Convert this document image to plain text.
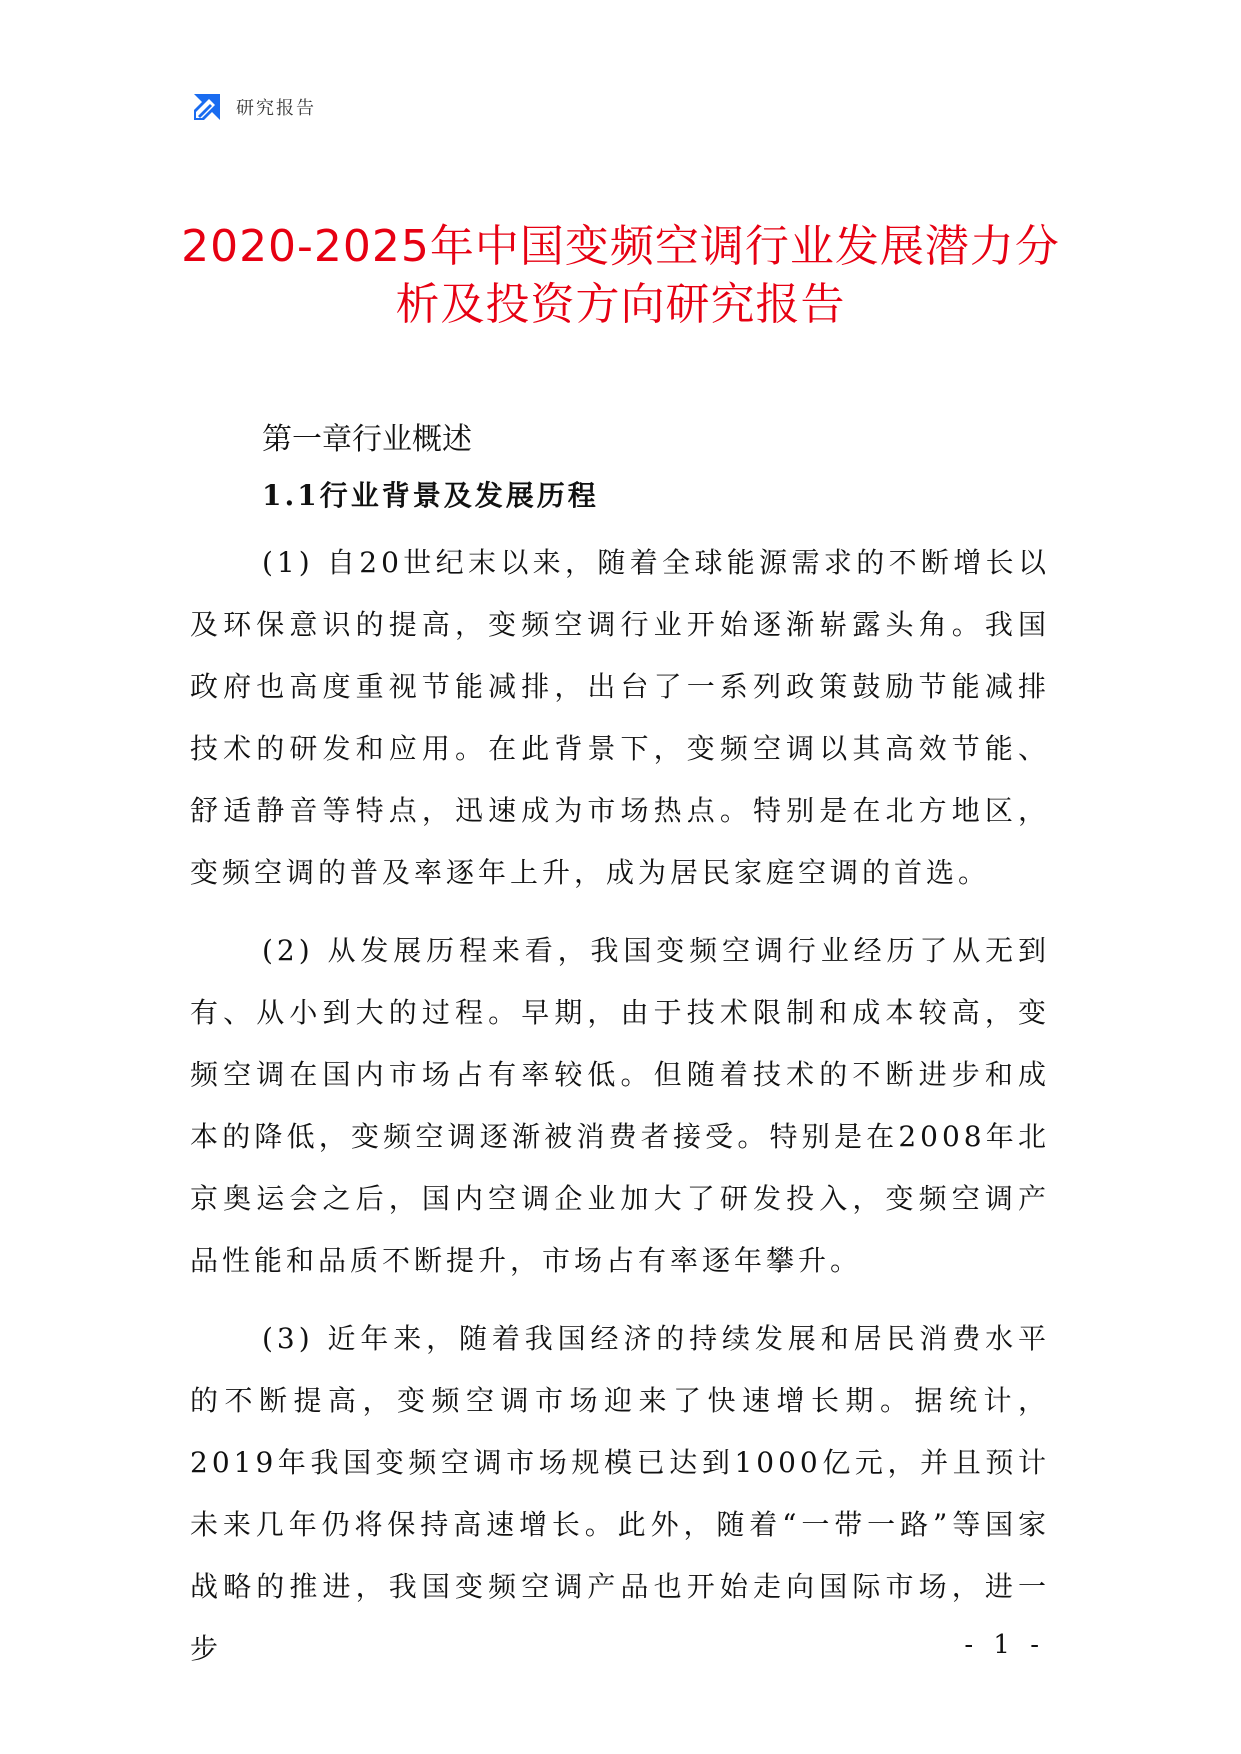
研究报告
2020-2025年中国变频空调行业发展潜力分
析及投资方向研究报告
第一章行业概述
1.1行业背景及发展历程

(1) 自20世纪末以来，随着全球能源需求的不断增长以及环保意识的提高，变频空调行业开始逐渐崭露头角。我国政府也高度重视节能减排，出台了一系列政策鼓励节能减排技术的研发和应用。在此背景下，变频空调以其高效节能、舒适静音等特点，迅速成为市场热点。特别是在北方地区，变频空调的普及率逐年上升，成为居民家庭空调的首选。

(2) 从发展历程来看，我国变频空调行业经历了从无到有、从小到大的过程。早期，由于技术限制和成本较高，变频空调在国内市场占有率较低。但随着技术的不断进步和成本的降低，变频空调逐渐被消费者接受。特别是在2008年北京奥运会之后，国内空调企业加大了研发投入，变频空调产品性能和品质不断提升，市场占有率逐年攀升。

(3) 近年来，随着我国经济的持续发展和居民消费水平的不断提高，变频空调市场迎来了快速增长期。据统计，2019年我国变频空调市场规模已达到1000亿元，并且预计未来几年仍将保持高速增长。此外，随着“一带一路”等国家战略的推进，我国变频空调产品也开始走向国际市场，进一步	- 1 -
